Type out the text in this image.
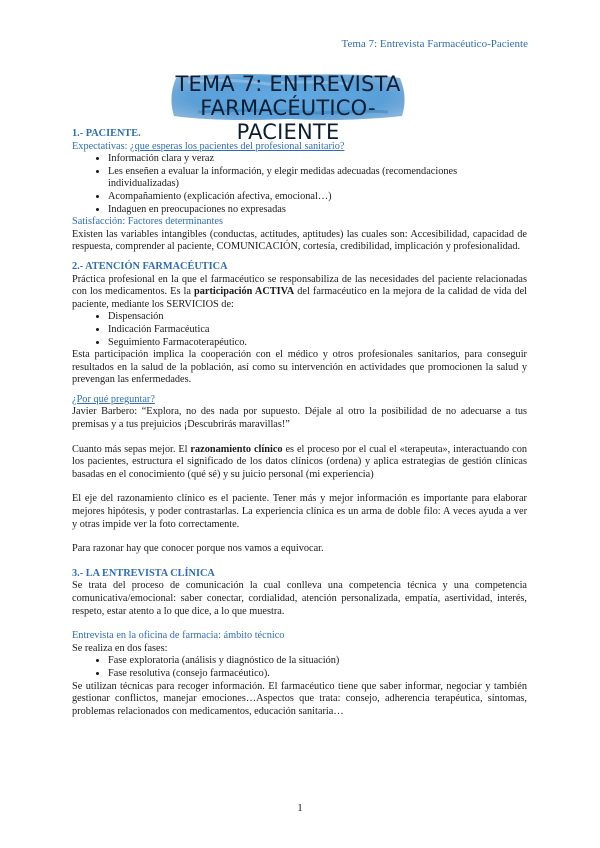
Tema 7: Entrevista Farmacéutico-Paciente
TEMA 7: ENTREVISTA
FARMACÉUTICO-PACIENTE
1.- PACIENTE.
Expectativas: ¿que esperas los pacientes del profesional sanitario?
• Información clara y veraz
• Les enseñen a evaluar la información, y elegir medidas adecuadas (recomendaciones individualizadas)
• Acompañamiento (explicación afectiva, emocional…)
• Indaguen en preocupaciones no expresadas
Satisfacción: Factores determinantes

Existen las variables intangibles (conductas, actitudes, aptitudes) las cuales son: Accesibilidad, capacidad de respuesta, comprender al paciente, COMUNICACIÓN, cortesía, credibilidad, implicación y profesionalidad.

2.- ATENCIÓN FARMACÉUTICA

Práctica profesional en la que el farmacéutico se responsabiliza de las necesidades del paciente relacionadas con los medicamentos. Es la participación ACTIVA del farmacéutico en la mejora de la calidad de vida del paciente, mediante los SERVICIOS de:

• Dispensación
• Indicación Farmacéutica
• Seguimiento Farmacoterapéutico.

Esta participación implica la cooperación con el médico y otros profesionales sanitarios, para conseguir resultados en la salud de la población, así como su intervención en actividades que promocionen la salud y prevengan las enfermedades.

¿Por qué preguntar?

Javier Barbero: “Explora, no des nada por supuesto. Déjale al otro la posibilidad de no adecuarse a tus premisas y a tus prejuicios ¡Descubrirás maravillas!”

Cuanto más sepas mejor. El razonamiento clínico es el proceso por el cual el «terapeuta», interactuando con los pacientes, estructura el significado de los datos clínicos (ordena) y aplica estrategias de gestión clínicas basadas en el conocimiento (qué sé) y su juicio personal (mi experiencia)

El eje del razonamiento clínico es el paciente. Tener más y mejor información es importante para elaborar mejores hipótesis, y poder contrastarlas. La experiencia clínica es un arma de doble filo: A veces ayuda a ver y otras impide ver la foto correctamente.

Para razonar hay que conocer porque nos vamos a equivocar.

3.- LA ENTREVISTA CLÍNICA

Se trata del proceso de comunicación la cual conlleva una competencia técnica y una competencia comunicativa/emocional: saber conectar, cordialidad, atención personalizada, empatía, asertividad, interés, respeto, estar atento a lo que dice, a lo que muestra.

Entrevista en la oficina de farmacia: ámbito técnico

Se realiza en dos fases:

• Fase exploratoria (análisis y diagnóstico de la situación)
• Fase resolutiva (consejo farmacéutico).

Se utilizan técnicas para recoger información. El farmacéutico tiene que saber informar, negociar y también gestionar conflictos, manejar emociones…Aspectos que trata: consejo, adherencia terapéutica, síntomas, problemas relacionados con medicamentos, educación sanitaria…

1
